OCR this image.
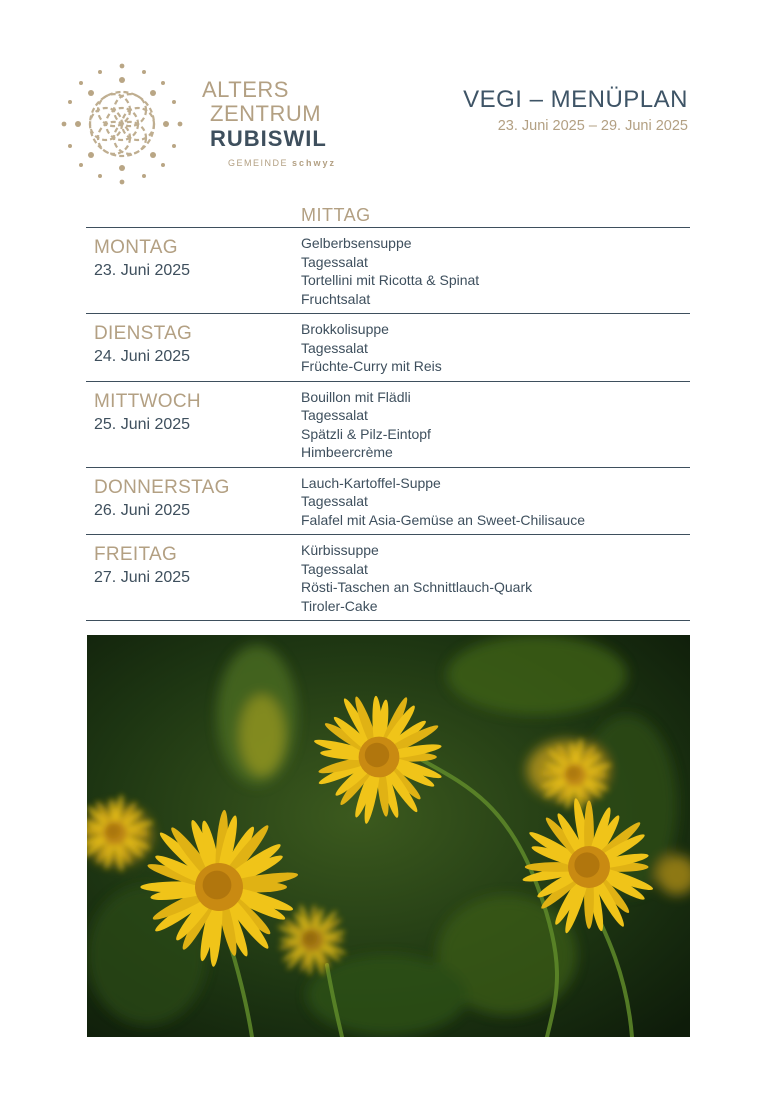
ALTERS
ZENTRUM
RUBISWIL
GEMEINDE schwyz
VEGI – MENÜPLAN
23. Juni 2025 – 29. Juni 2025
MITTAG
MONTAG
23. Juni 2025
Gelberbsensuppe
Tagessalat
Tortellini mit Ricotta & Spinat
Fruchtsalat
DIENSTAG
24. Juni 2025
Brokkolisuppe
Tagessalat
Früchte-Curry mit Reis
MITTWOCH
25. Juni 2025
Bouillon mit Flädli
Tagessalat
Spätzli & Pilz-Eintopf
Himbeercrème
DONNERSTAG
26. Juni 2025
Lauch-Kartoffel-Suppe
Tagessalat
Falafel mit Asia-Gemüse an Sweet-Chilisauce
FREITAG
27. Juni 2025
Kürbissuppe
Tagessalat
Rösti-Taschen an Schnittlauch-Quark
Tiroler-Cake
